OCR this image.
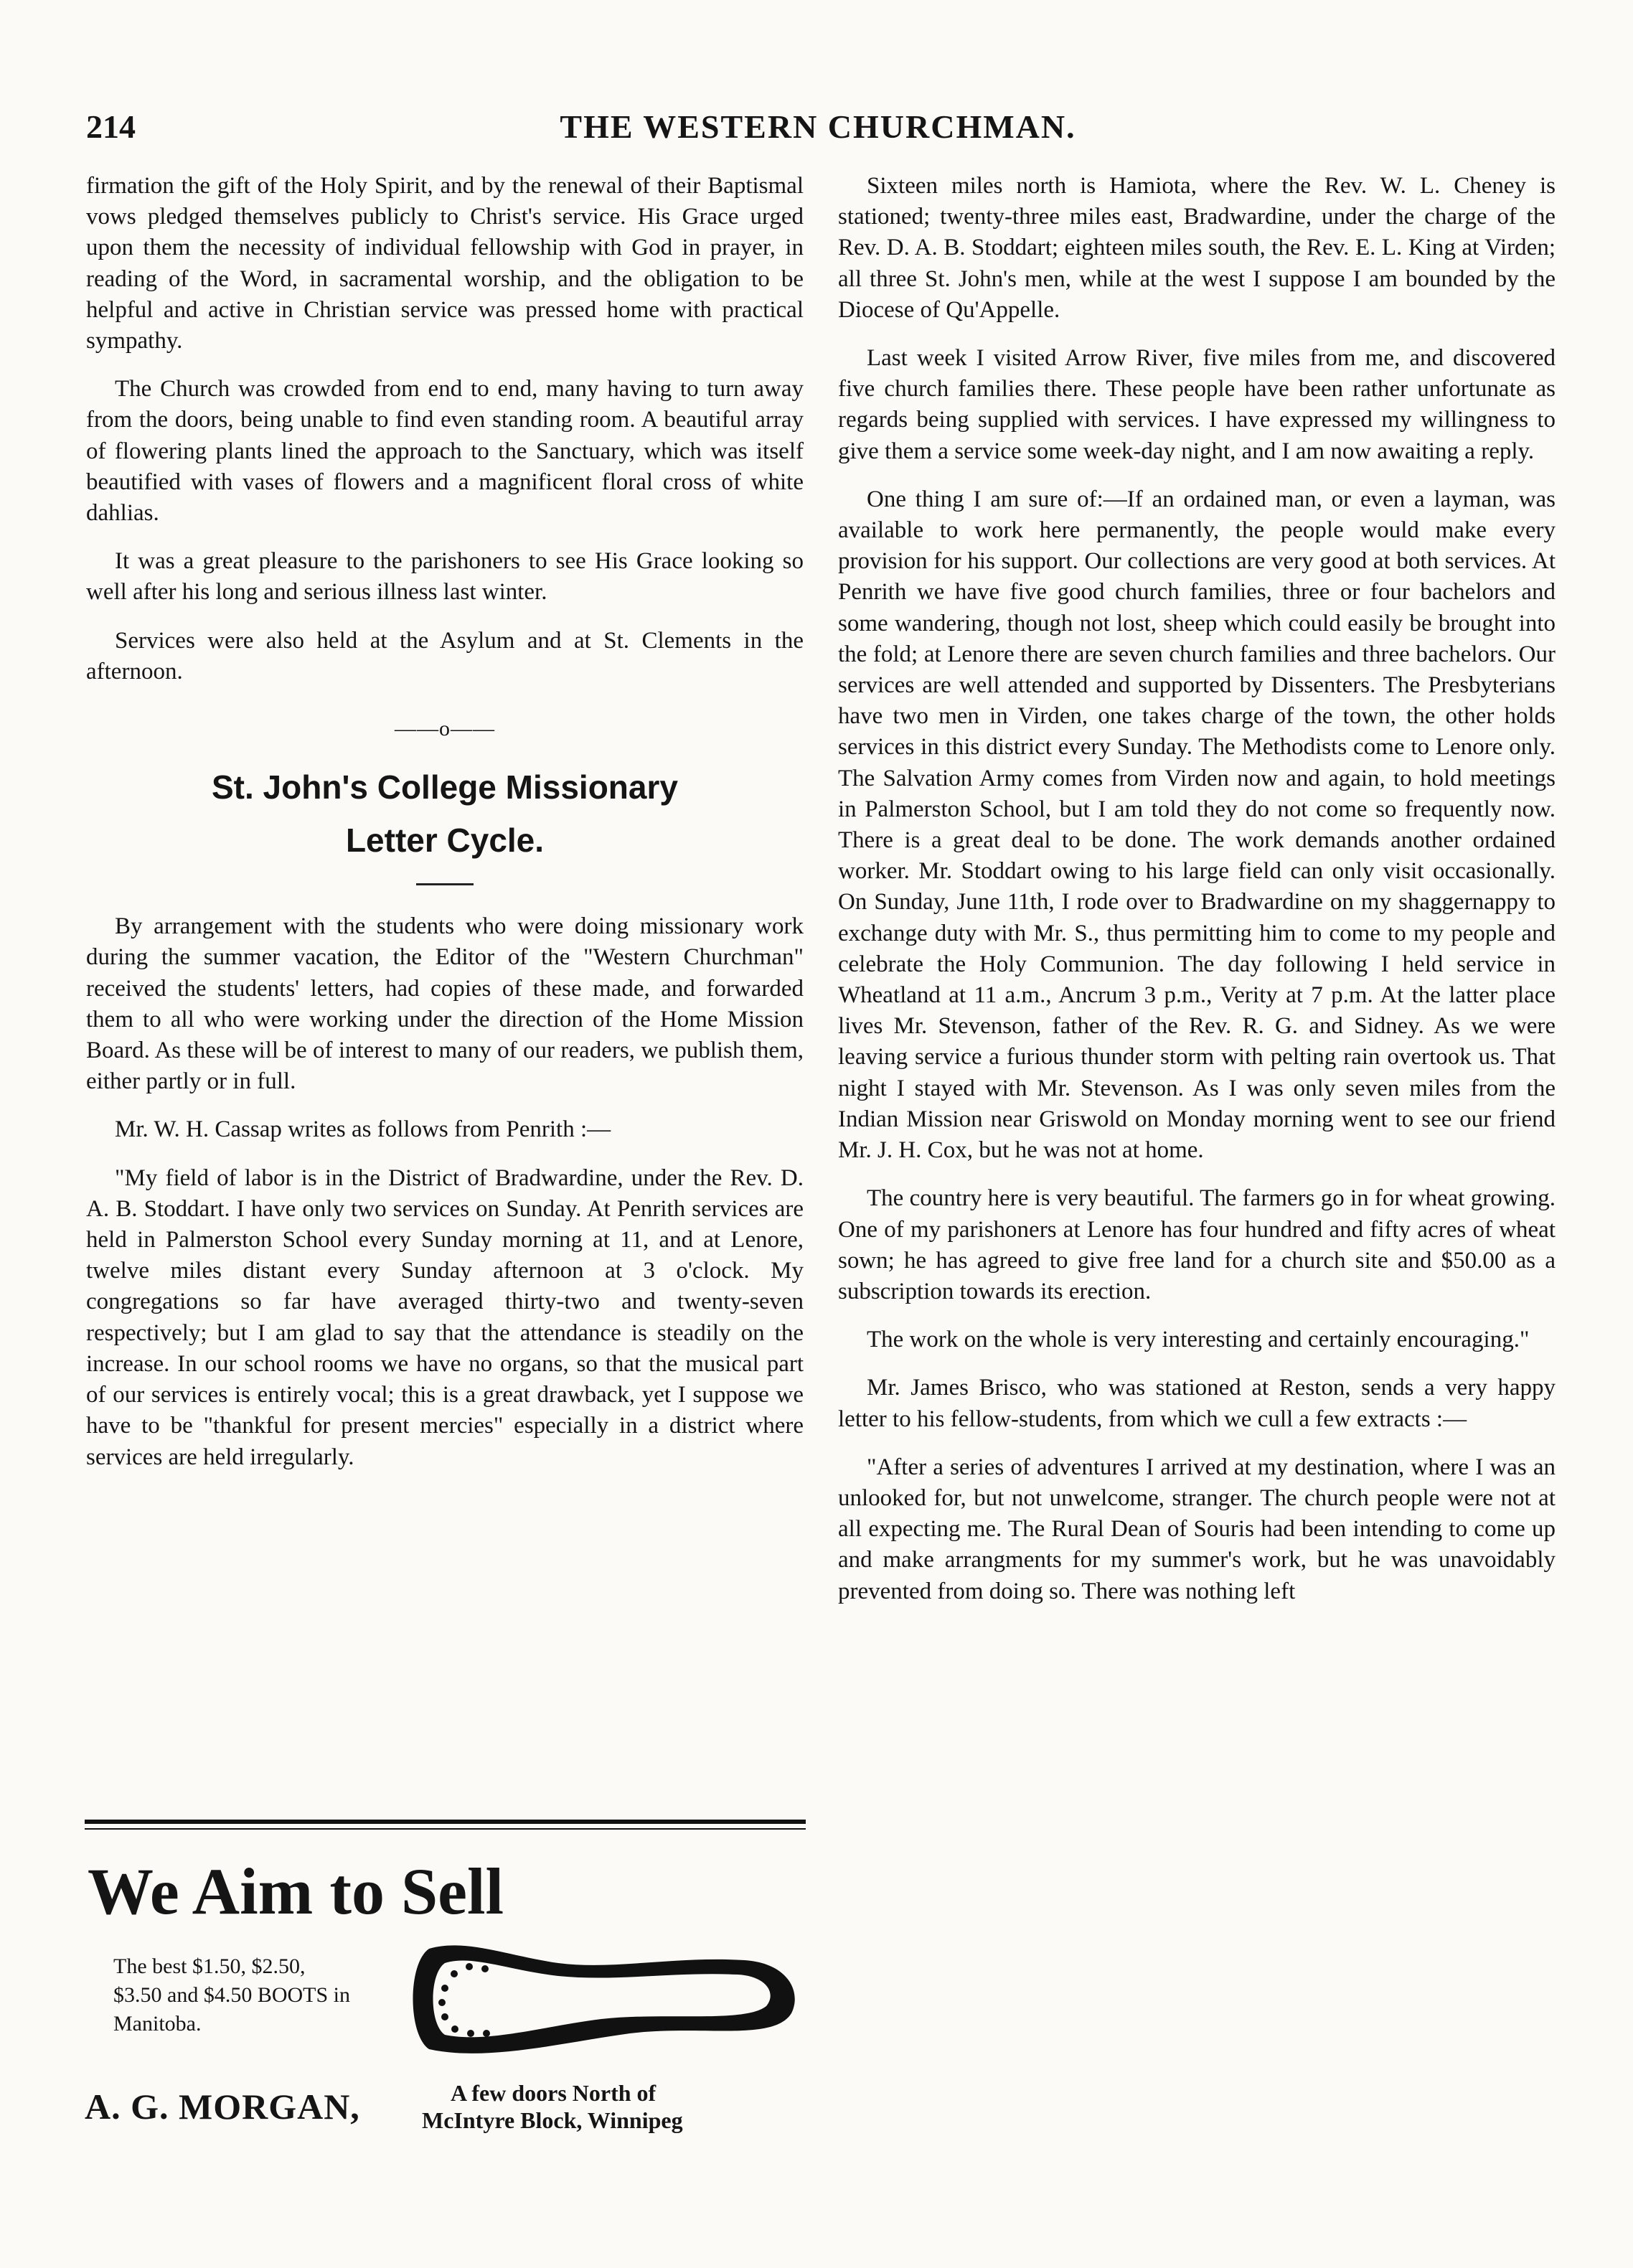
214	THE WESTERN CHURCHMAN.

firmation the gift of the Holy Spirit, and by the renewal of their Baptismal vows pledged themselves publicly to Christ's service. His Grace urged upon them the necessity of individual fellowship with God in prayer, in reading of the Word, in sacramental worship, and the obligation to be helpful and active in Christian service was pressed home with practical sympathy.

The Church was crowded from end to end, many having to turn away from the doors, being unable to find even standing room. A beautiful array of flowering plants lined the approach to the Sanctuary, which was itself beautified with vases of flowers and a magnificent floral cross of white dahlias.

It was a great pleasure to the parishoners to see His Grace looking so well after his long and serious illness last winter.

Services were also held at the Asylum and at St. Clements in the afternoon.

——o——
St. John's College Missionary
Letter Cycle.

By arrangement with the students who were doing missionary work during the summer vacation, the Editor of the "Western Churchman" received the students' letters, had copies of these made, and forwarded them to all who were working under the direction of the Home Mission Board. As these will be of interest to many of our readers, we publish them, either partly or in full.

Mr. W. H. Cassap writes as follows from Penrith :—

"My field of labor is in the District of Bradwardine, under the Rev. D. A. B. Stoddart. I have only two services on Sunday. At Penrith services are held in Palmerston School every Sunday morning at 11, and at Lenore, twelve miles distant every Sunday afternoon at 3 o'clock. My congregations so far have averaged thirty-two and twenty-seven respectively; but I am glad to say that the attendance is steadily on the increase. In our school rooms we have no organs, so that the musical part of our services is entirely vocal; this is a great drawback, yet I suppose we have to be "thankful for present mercies" especially in a district where services are held irregularly.

Sixteen miles north is Hamiota, where the Rev. W. L. Cheney is stationed; twenty-three miles east, Bradwardine, under the charge of the Rev. D. A. B. Stoddart; eighteen miles south, the Rev. E. L. King at Virden; all three St. John's men, while at the west I suppose I am bounded by the Diocese of Qu'Appelle.

Last week I visited Arrow River, five miles from me, and discovered five church families there. These people have been rather unfortunate as regards being supplied with services. I have expressed my willingness to give them a service some week-day night, and I am now awaiting a reply.

One thing I am sure of:—If an ordained man, or even a layman, was available to work here permanently, the people would make every provision for his support. Our collections are very good at both services. At Penrith we have five good church families, three or four bachelors and some wandering, though not lost, sheep which could easily be brought into the fold; at Lenore there are seven church families and three bachelors. Our services are well attended and supported by Dissenters. The Presbyterians have two men in Virden, one takes charge of the town, the other holds services in this district every Sunday. The Methodists come to Lenore only. The Salvation Army comes from Virden now and again, to hold meetings in Palmerston School, but I am told they do not come so frequently now. There is a great deal to be done. The work demands another ordained worker. Mr. Stoddart owing to his large field can only visit occasionally. On Sunday, June 11th, I rode over to Bradwardine on my shaggernappy to exchange duty with Mr. S., thus permitting him to come to my people and celebrate the Holy Communion. The day following I held service in Wheatland at 11 a.m., Ancrum 3 p.m., Verity at 7 p.m. At the latter place lives Mr. Stevenson, father of the Rev. R. G. and Sidney. As we were leaving service a furious thunder storm with pelting rain overtook us. That night I stayed with Mr. Stevenson. As I was only seven miles from the Indian Mission near Griswold on Monday morning went to see our friend Mr. J. H. Cox, but he was not at home.

The country here is very beautiful. The farmers go in for wheat growing. One of my parishoners at Lenore has four hundred and fifty acres of wheat sown; he has agreed to give free land for a church site and $50.00 as a subscription towards its erection.

The work on the whole is very interesting and certainly encouraging."

Mr. James Brisco, who was stationed at Reston, sends a very happy letter to his fellow-students, from which we cull a few extracts :—

"After a series of adventures I arrived at my destination, where I was an unlooked for, but not unwelcome, stranger. The church people were not at all expecting me. The Rural Dean of Souris had been intending to come up and make arrangments for my summer's work, but he was unavoidably prevented from doing so. There was nothing left

We Aim to Sell
The best $1.50, $2.50, $3.50 and $4.50 BOOTS in Manitoba.
A. G. MORGAN,	A few doors North of
McIntyre Block, Winnipeg
